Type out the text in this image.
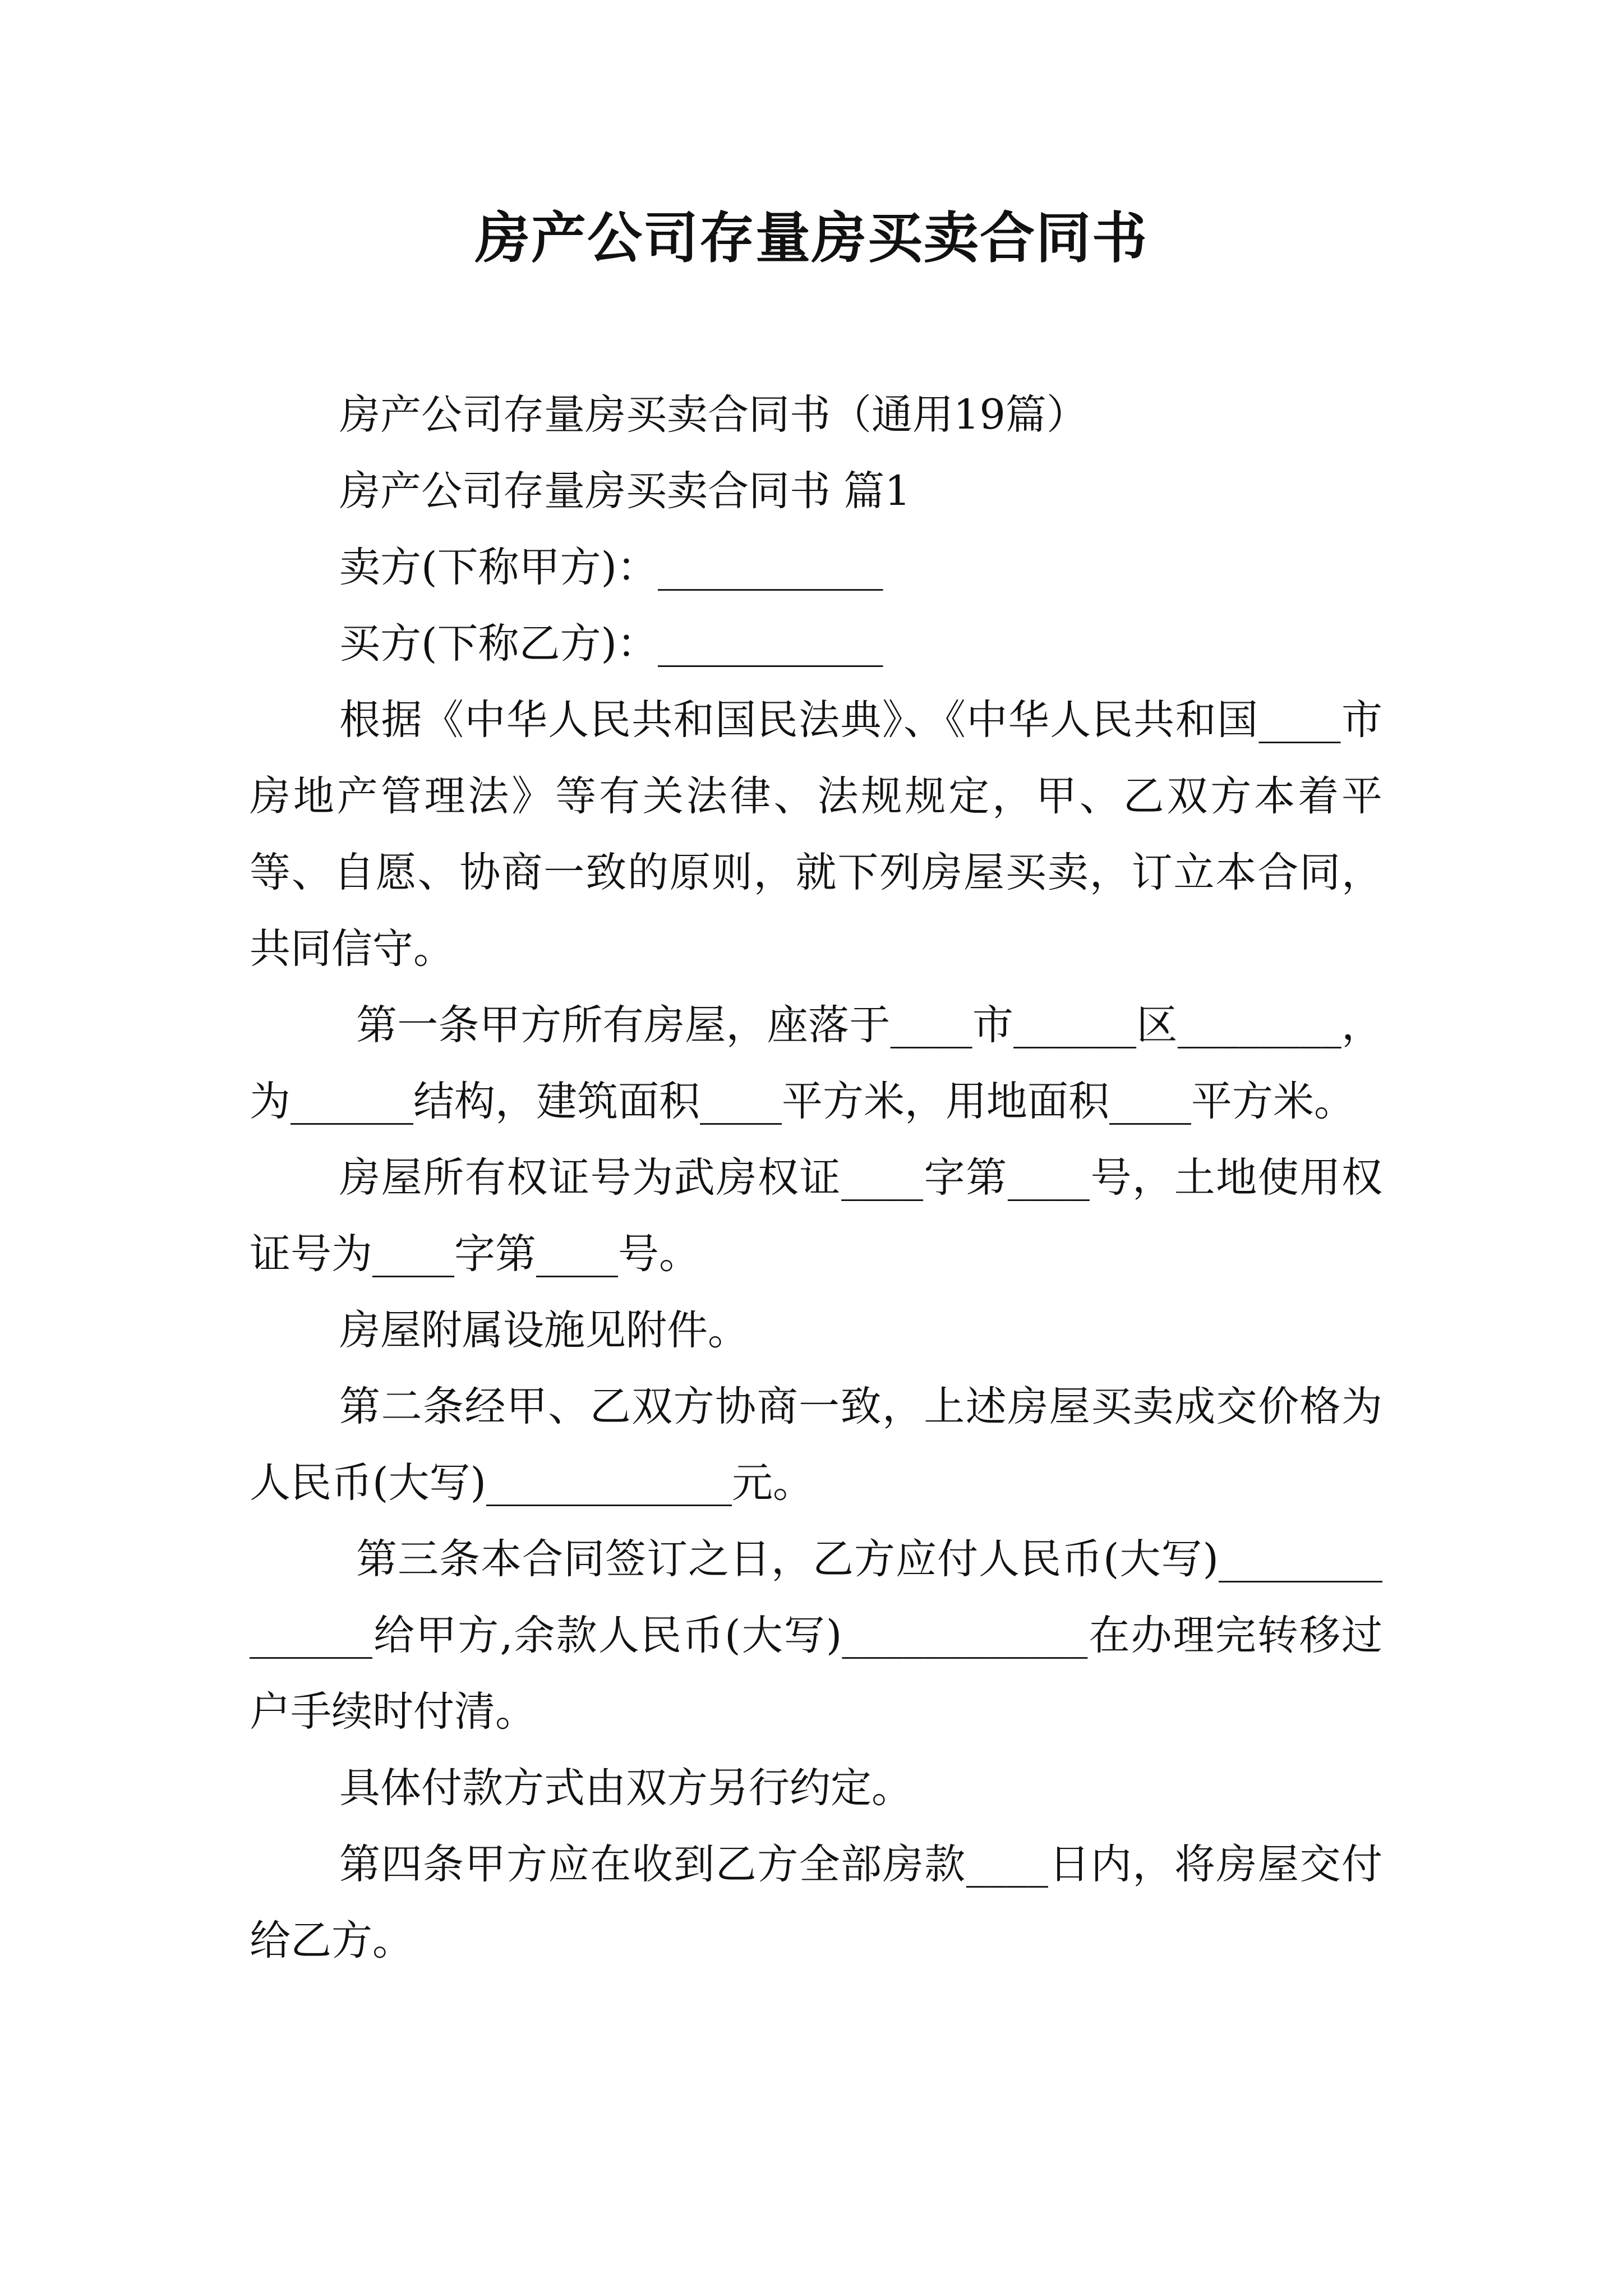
房产公司存量房买卖合同书

房产公司存量房买卖合同书（通用19篇）

房产公司存量房买卖合同书 篇1

卖方(下称甲方)：___________

买方(下称乙方)：___________

根据《中华人民共和国民法典》、《中华人民共和国____市房地产管理法》等有关法律、法规规定，甲、乙双方本着平等、自愿、协商一致的原则，就下列房屋买卖，订立本合同，共同信守。

第一条甲方所有房屋，座落于____市______区________，为______结构，建筑面积____平方米，用地面积____平方米。

房屋所有权证号为武房权证____字第____号，土地使用权证号为____字第____号。

房屋附属设施见附件。

第二条经甲、乙双方协商一致，上述房屋买卖成交价格为人民币(大写)____________元。

第三条本合同签订之日，乙方应付人民币(大写)______________给甲方,余款人民币(大写)____________在办理完转移过户手续时付清。

具体付款方式由双方另行约定。

第四条甲方应在收到乙方全部房款____日内，将房屋交付给乙方。
